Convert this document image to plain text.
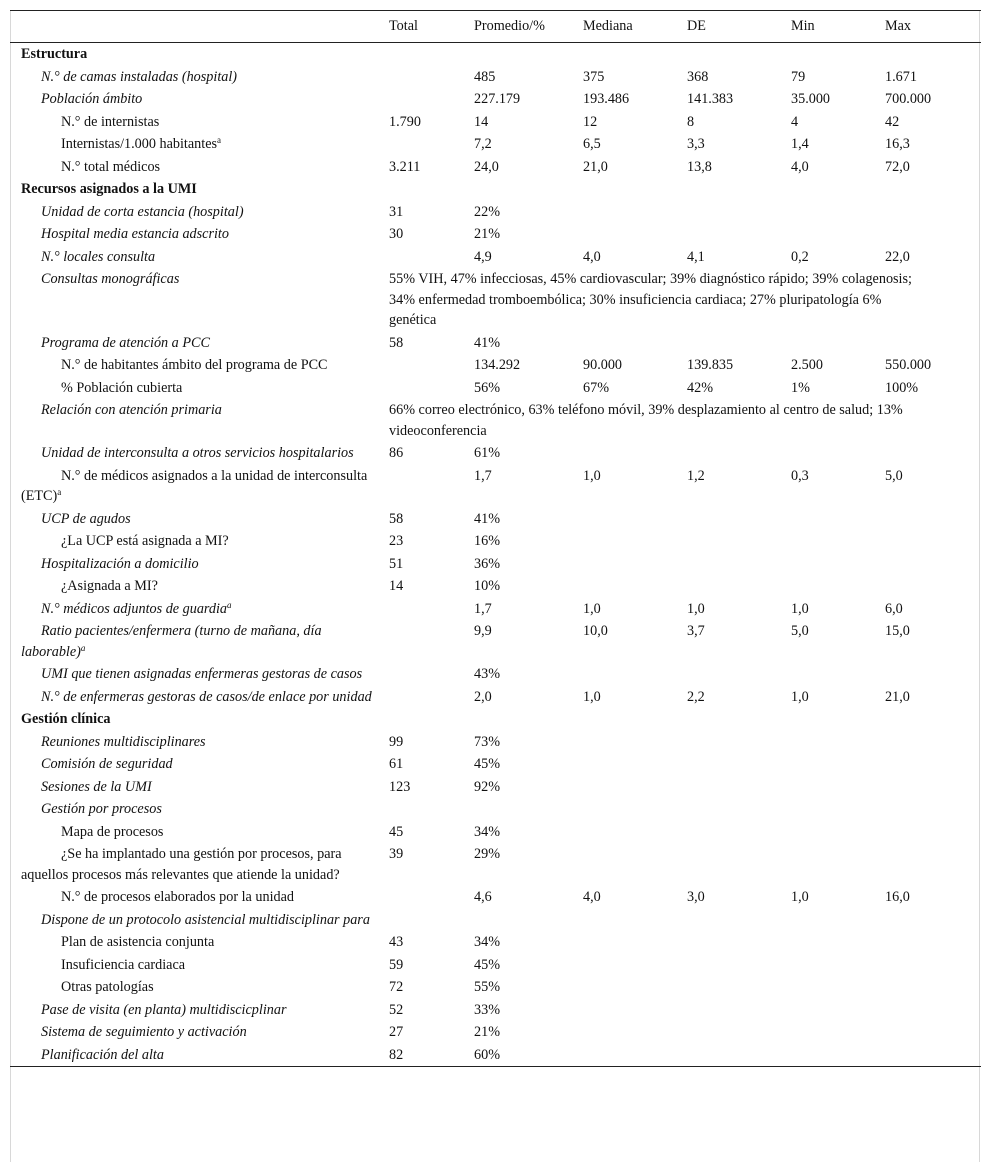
	Total	Promedio/%	Mediana	DE	Min	Max
Estructura						
N.° de camas instaladas (hospital)		485	375	368	79	1.671
Población ámbito		227.179	193.486	141.383	35.000	700.000
N.° de internistas	1.790	14	12	8	4	42
Internistas/1.000 habitantes$^a$		7,2	6,5	3,3	1,4	16,3
N.° total médicos	3.211	24,0	21,0	13,8	4,0	72,0
Recursos asignados a la UMI						
Unidad de corta estancia (hospital)	31	22%				
Hospital media estancia adscrito	30	21%				
N.° locales consulta		4,9	4,0	4,1	0,2	22,0
Consultas monográficas	55% VIH, 47% infecciosas, 45% cardiovascular; 39% diagnóstico rápido; 39% colagenosis; 34% enfermedad tromboembólica; 30% insuficiencia cardiaca; 27% pluripatología 6% genética					
Programa de atención a PCC	58	41%				
N.° de habitantes ámbito del programa de PCC		134.292	90.000	139.835	2.500	550.000
% Población cubierta		56%	67%	42%	1%	100%
Relación con atención primaria	66% correo electrónico, 63% teléfono móvil, 39% desplazamiento al centro de salud; 13% videoconferencia					
Unidad de interconsulta a otros servicios hospitalarios	86	61%				
N.° de médicos asignados a la unidad de interconsulta (ETC)$^a$		1,7	1,0	1,2	0,3	5,0
UCP de agudos	58	41%				
¿La UCP está asignada a MI?	23	16%				
Hospitalización a domicilio	51	36%				
¿Asignada a MI?	14	10%				
N.° médicos adjuntos de guardia$^a$		1,7	1,0	1,0	1,0	6,0
Ratio pacientes/enfermera (turno de mañana, día laborable)$^a$		9,9	10,0	3,7	5,0	15,0
UMI que tienen asignadas enfermeras gestoras de casos		43%				
N.° de enfermeras gestoras de casos/de enlace por unidad		2,0	1,0	2,2	1,0	21,0
Gestión clínica						
Reuniones multidisciplinares	99	73%				
Comisión de seguridad	61	45%				
Sesiones de la UMI	123	92%				
Gestión por procesos						
Mapa de procesos	45	34%				
¿Se ha implantado una gestión por procesos, para aquellos procesos más relevantes que atiende la unidad?	39	29%				
N.° de procesos elaborados por la unidad		4,6	4,0	3,0	1,0	16,0
Dispone de un protocolo asistencial multidisciplinar para						
Plan de asistencia conjunta	43	34%				
Insuficiencia cardiaca	59	45%				
Otras patologías	72	55%				
Pase de visita (en planta) multidiscicplinar	52	33%				
Sistema de seguimiento y activación	27	21%				
Planificación del alta	82	60%				
